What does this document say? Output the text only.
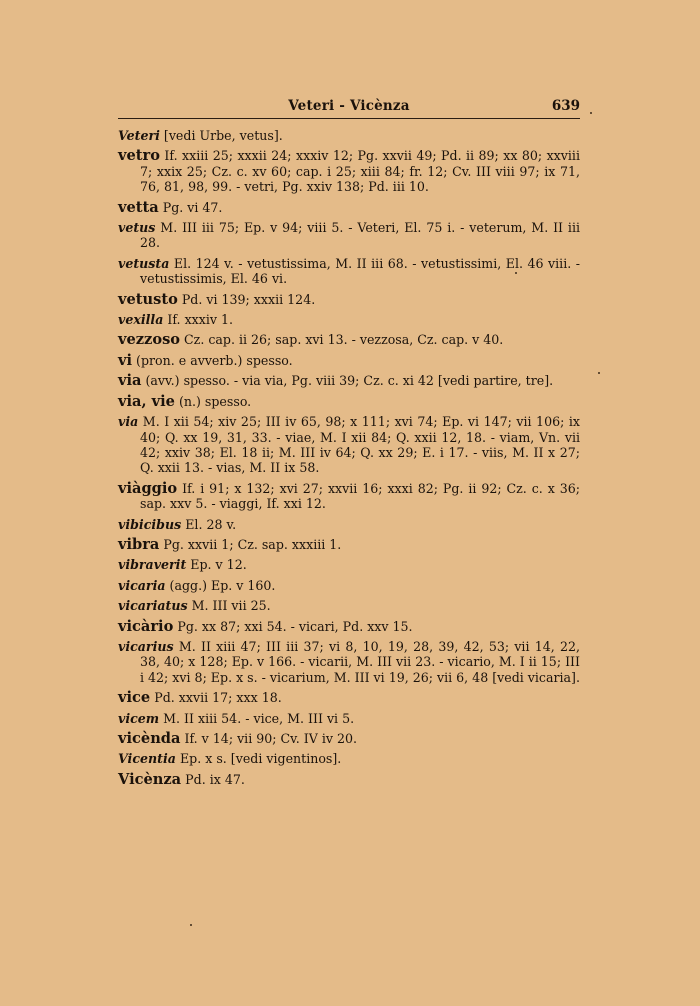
Veteri - Vicènza	639
Veteri [vedi Urbe, vetus].
vetro If. xxiii 25; xxxii 24; xxxiv 12; Pg. xxvii 49; Pd. ii 89; xx 80; xxviii 7; xxix 25; Cz. c. xv 60; cap. i 25; xiii 84; fr. 12; Cv. III viii 97; ix 71, 76, 81, 98, 99. - vetri, Pg. xxiv 138; Pd. iii 10.
vetta Pg. vi 47.
vetus M. III iii 75; Ep. v 94; viii 5. - Veteri, El. 75 i. - veterum, M. II iii 28.
vetusta El. 124 v. - vetustissima, M. II iii 68. - vetustissimi, El. 46 viii. - vetustissimis, El. 46 vi.
vetusto Pd. vi 139; xxxii 124.
vexilla If. xxxiv 1.
vezzoso Cz. cap. ii 26; sap. xvi 13. - vezzosa, Cz. cap. v 40.
vi (pron. e avverb.) spesso.
via (avv.) spesso. - via via, Pg. viii 39; Cz. c. xi 42 [vedi partire, tre].
via, vie (n.) spesso.
via M. I xii 54; xiv 25; III iv 65, 98; x 111; xvi 74; Ep. vi 147; vii 106; ix 40; Q. xx 19, 31, 33. - viae, M. I xii 84; Q. xxii 12, 18. - viam, Vn. vii 42; xxiv 38; El. 18 ii; M. III iv 64; Q. xx 29; E. i 17. - viis, M. II x 27; Q. xxii 13. - vias, M. II ix 58.
viàggio If. i 91; x 132; xvi 27; xxvii 16; xxxi 82; Pg. ii 92; Cz. c. x 36; sap. xxv 5. - viaggi, If. xxi 12.
vibicibus El. 28 v.
vibra Pg. xxvii 1; Cz. sap. xxxiii 1.
vibraverit Ep. v 12.
vicaria (agg.) Ep. v 160.
vicariatus M. III vii 25.
vicàrio Pg. xx 87; xxi 54. - vicari, Pd. xxv 15.
vicarius M. II xiii 47; III iii 37; vi 8, 10, 19, 28, 39, 42, 53; vii 14, 22, 38, 40; x 128; Ep. v 166. - vicarii, M. III vii 23. - vicario, M. I ii 15; III i 42; xvi 8; Ep. x s. - vicarium, M. III vi 19, 26; vii 6, 48 [vedi vicaria].
vice Pd. xxvii 17; xxx 18.
vicem M. II xiii 54. - vice, M. III vi 5.
vicènda If. v 14; vii 90; Cv. IV iv 20.
Vicentia Ep. x s. [vedi vigentinos].
Vicènza Pd. ix 47.
